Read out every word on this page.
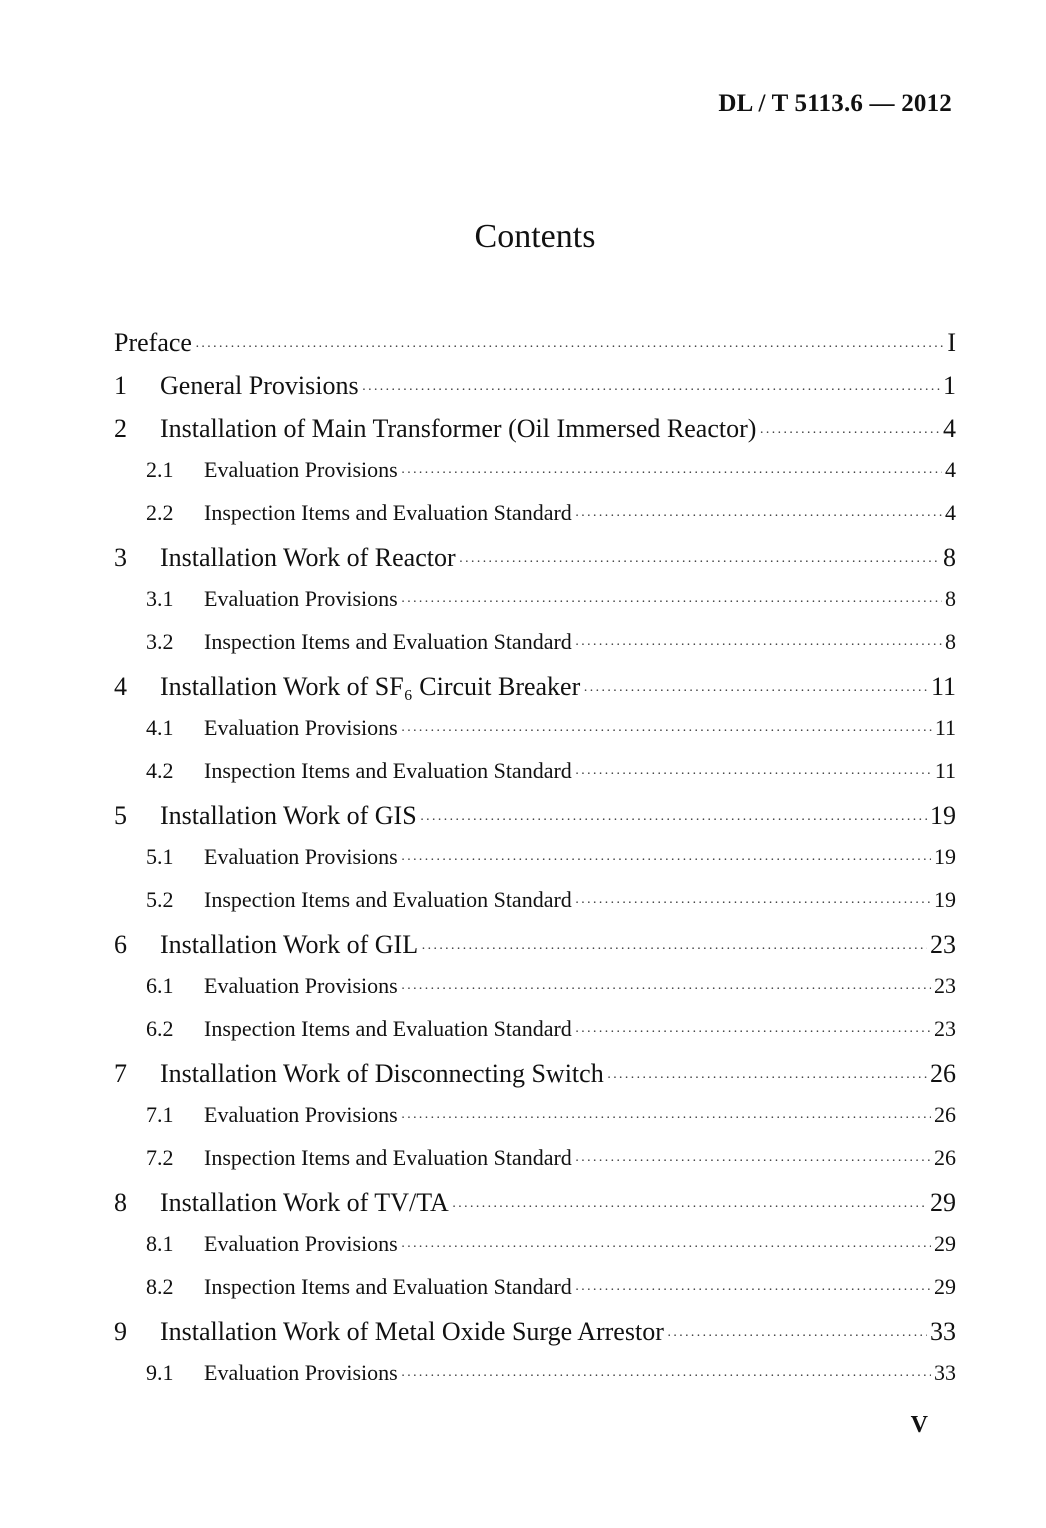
DL / T 5113.6 — 2012
Contents
Preface ·····	I
1	General Provisions ·····	1
2	Installation of Main Transformer (Oil Immersed Reactor) ·····	4
2.1	Evaluation Provisions ·····	4
2.2	Inspection Items and Evaluation Standard ·····	4
3	Installation Work of Reactor ·····	8
3.1	Evaluation Provisions ·····	8
3.2	Inspection Items and Evaluation Standard ·····	8
4	Installation Work of SF₆ Circuit Breaker ·····	11
4.1	Evaluation Provisions ·····	11
4.2	Inspection Items and Evaluation Standard ·····	11
5	Installation Work of GIS ·····	19
5.1	Evaluation Provisions ·····	19
5.2	Inspection Items and Evaluation Standard ·····	19
6	Installation Work of GIL ·····	23
6.1	Evaluation Provisions ·····	23
6.2	Inspection Items and Evaluation Standard ·····	23
7	Installation Work of Disconnecting Switch ·····	26
7.1	Evaluation Provisions ·····	26
7.2	Inspection Items and Evaluation Standard ·····	26
8	Installation Work of TV/TA ·····	29
8.1	Evaluation Provisions ·····	29
8.2	Inspection Items and Evaluation Standard ·····	29
9	Installation Work of Metal Oxide Surge Arrestor ·····	33
9.1	Evaluation Provisions ·····	33
V
